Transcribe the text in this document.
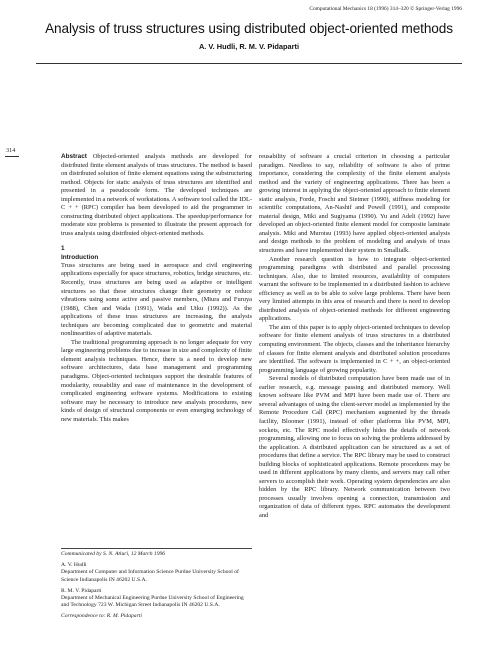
Computational Mechanics 18 (1996) 314–320 © Springer-Verlag 1996
Analysis of truss structures using distributed object-oriented methods
A. V. Hudli, R. M. V. Pidaparti
314

Abstract Objected-oriented analysis methods are developed for distributed finite element analysis of truss structures. The method is based on distributed solution of finite element equations using the substructuring method. Objects for static analysis of truss structures are identified and presented in a pseudocode form. The developed techniques are implemented in a network of workstations. A software tool called the IDL-C + + (RPC) compiler has been developed to aid the programmer in constructing distributed object applications. The speedup/performance for moderate size problems is presented to illustrate the present approach for truss analysis using distributed object-oriented methods.

1
Introduction

Truss structures are being used in aerospace and civil engineering applications especially for space structures, robotics, bridge structures, etc. Recently, truss structures are being used as adaptive or intelligent structures so that these structures change their geometry or reduce vibrations using some active and passive members, (Miura and Furuya (1988), Chen and Wada (1991), Wada and Utku (1992)). As the applications of these truss structures are increasing, the analysis techniques are becoming complicated due to geometric and material nonlinearities of adaptive materials.

The traditional programming approach is no longer adequate for very large engineering problems due to increase in size and complexity of finite element analysis techniques. Hence, there is a need to develop new software architectures, data base management and programming paradigms. Object-oriented techniques support the desirable features of modularity, reusability and ease of maintenance in the development of complicated engineering software systems. Modifications to existing software may be necessary to introduce new analysis procedures, new kinds of design of structural components or even emerging technology of new materials. This makes

reusability of software a crucial criterion in choosing a particular paradigm. Needless to say, reliability of software is also of prime importance, considering the complexity of the finite element analysis method and the variety of engineering applications. There has been a growing interest in applying the object-oriented approach to finite element static analysis, Forde, Foschi and Steimer (1990), stiffness modeling for scientific computations, An-Nashif and Powell (1991), and composite material design, Miki and Sugiyama (1990). Yu and Adeli (1992) have developed an object-oriented finite element model for composite laminate analysis. Miki and Murotsu (1993) have applied object-oriented analysis and design methods to the problem of modeling and analysis of truss structures and have implemented their system in Smalltalk.

Another research question is how to integrate object-oriented programming paradigms with distributed and parallel processing techniques. Also, due to limited resources, availability of computers warrant the software to be implemented in a distributed fashion to achieve efficiency as well as to be able to solve large problems. There have been very limited attempts in this area of research and there is need to develop distributed analysis of object-oriented methods for different engineering applications.

The aim of this paper is to apply object-oriented techniques to develop software for finite element analysis of truss structures in a distributed computing environment. The objects, classes and the inheritance hierarchy of classes for finite element analysis and distributed solution procedures are identified. The software is implemented in C + +, an object-oriented programming language of growing popularity.

Several models of distributed computation have been made use of in earlier research, e.g. message passing and distributed memory. Well known software like PVM and MPI have been made use of. There are several advantages of using the client-server model as implemented by the Remote Procedure Call (RPC) mechanism augmented by the threads facility, Bloomer (1991), instead of other platforms like PVM, MPI, sockets, etc. The RPC model effectively hides the details of network programming, allowing one to focus on solving the problems addressed by the application. A distributed application can be structured as a set of procedures that define a service. The RPC library may be used to construct building blocks of sophisticated applications. Remote procedures may be used in different applications by many clients, and servers may call other servers to accomplish their work. Operating system dependencies are also hidden by the RPC library. Network communication between two processes usually involves opening a connection, transmission and organization of data of different types. RPC automates the development and

Communicated by S. N. Atluri, 12 March 1996

A. V. Hudli
Department of Computer and Information Science Purdue University School of Science Indianapolis IN 46202 U.S.A.

R. M. V. Pidaparti
Department of Mechanical Engineering Purdue University School of Engineering and Technology 723 W. Michigan Street Indianapolis IN 46202 U.S.A.

Correspondence to: R. M. Pidaparti
